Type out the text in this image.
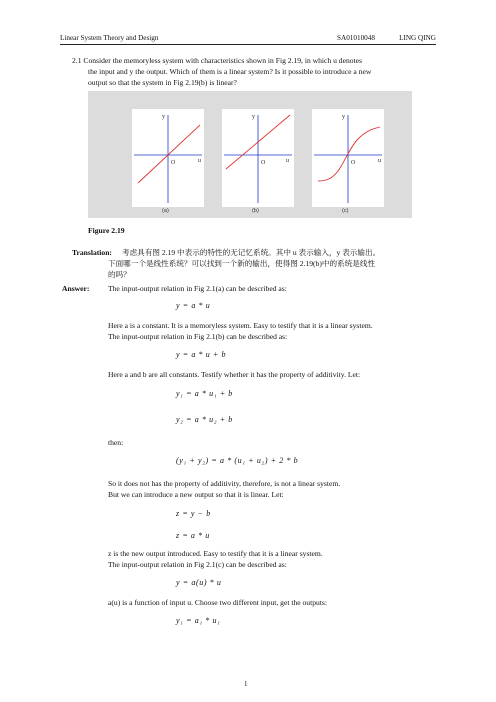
Linear System Theory and Design	SA01010048	LING QING
2.1 Consider the memoryless system with characteristics shown in Fig 2.19, in which u denotes
the input and y the output. Which of them is a linear system? Is it possible to introduce a new
output so that the system in Fig 2.19(b) is linear?
y
u
O
y
u
O
y
u
O
(a)	(b)	(c)
Figure 2.19
Translation: 考虑具有图 2.19 中表示的特性的无记忆系统。其中 u 表示输入，y 表示输出。
下面哪一个是线性系统？可以找到一个新的输出，使得图 2.19(b)中的系统是线性
的吗？
Answer: The input-output relation in Fig 2.1(a) can be described as:
y = a * u
Here a is a constant. It is a memoryless system. Easy to testify that it is a linear system.
The input-output relation in Fig 2.1(b) can be described as:
y = a * u + b
Here a and b are all constants. Testify whether it has the property of additivity. Let:
y₁ = a * u₁ + b
y₂ = a * u₂ + b
then:
(y₁ + y₂) = a * (u₁ + u₂) + 2 * b
So it does not has the property of additivity, therefore, is not a linear system.
But we can introduce a new output so that it is linear. Let:
z = y − b
z = a * u
z is the new output introduced. Easy to testify that it is a linear system.
The input-output relation in Fig 2.1(c) can be described as:
y = a(u) * u
a(u) is a function of input u. Choose two different input, get the outputs:
y₁ = a₁ * u₁
1
